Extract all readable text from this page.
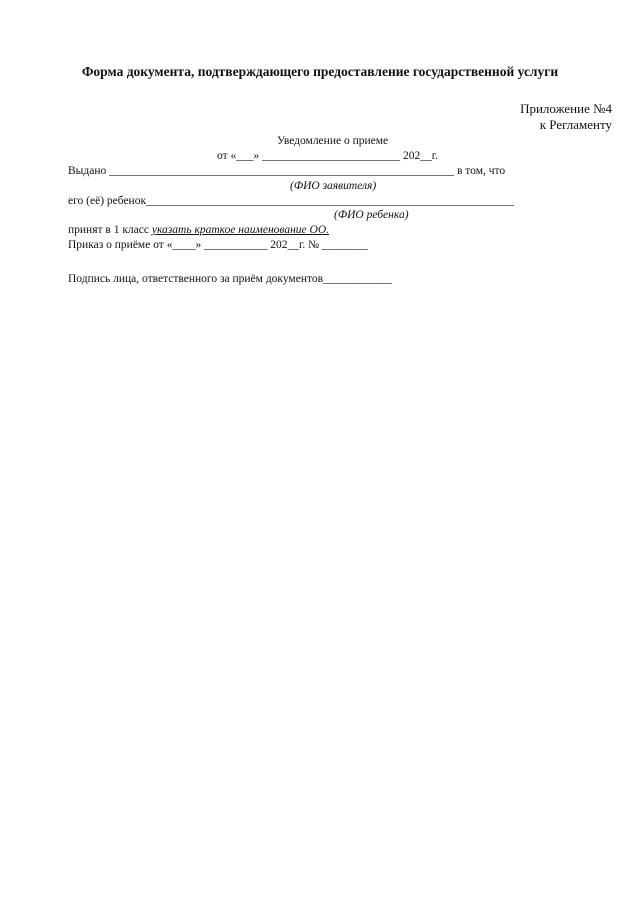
Форма документа, подтверждающего предоставление государственной услуги
Приложение №4
к Регламенту
Уведомление о приеме
от «___» ________________________ 202__г.
Выдано ____________________________________________________________ в том, что
(ФИО заявителя)
его (её) ребенок________________________________________________________________
(ФИО ребенка)
принят в 1 класс указать краткое наименование ОО.
Приказ о приёме от «____» ___________ 202__г. № ________
Подпись лица, ответственного за приём документов____________
